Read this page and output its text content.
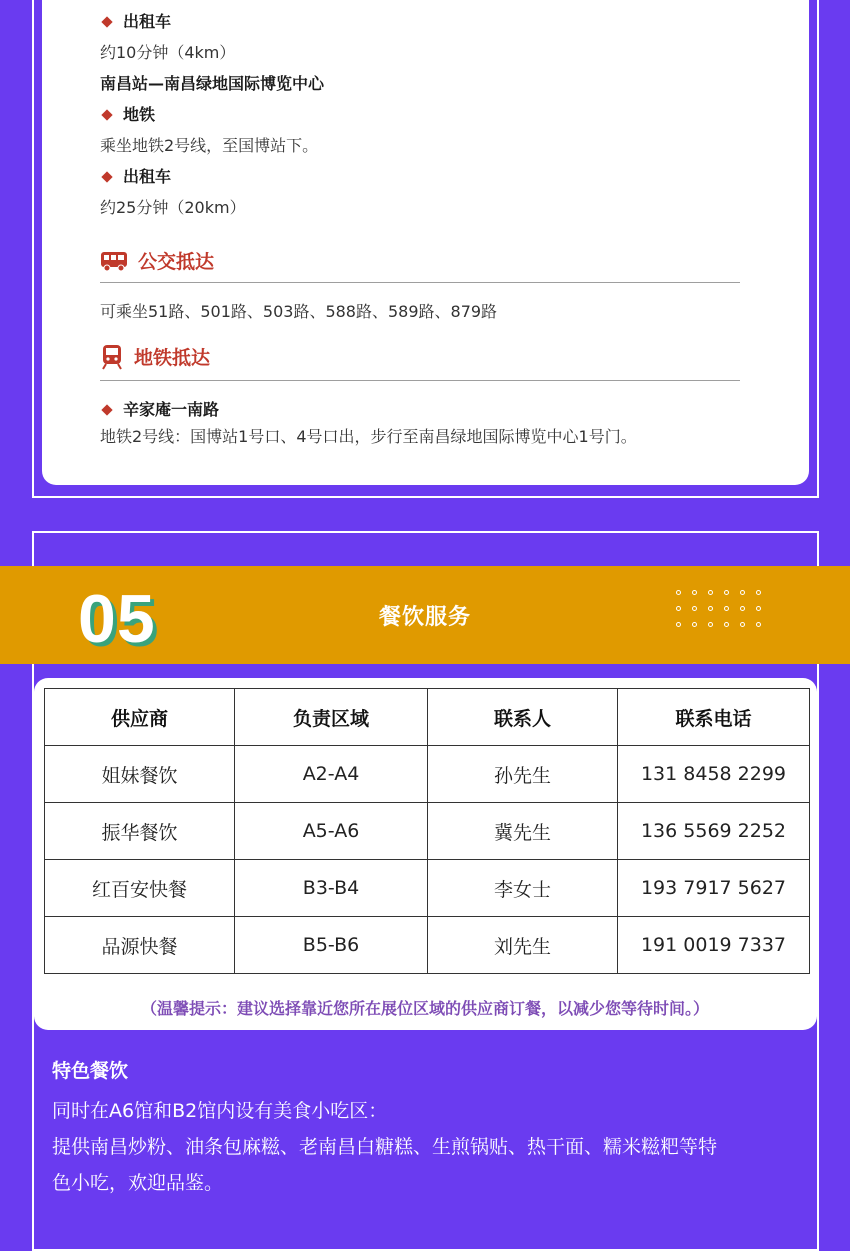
出租车
约10分钟（4km）
南昌站—南昌绿地国际博览中心
地铁
乘坐地铁2号线，至国博站下。
出租车
约25分钟（20km）
公交抵达
可乘坐51路、501路、503路、588路、589路、879路
地铁抵达
辛家庵一南路
地铁2号线：国博站1号口、4号口出，步行至南昌绿地国际博览中心1号门。
05	餐饮服务
供应商	负责区域	联系人	联系电话
姐妹餐饮	A2-A4	孙先生	131 8458 2299
振华餐饮	A5-A6	冀先生	136 5569 2252
红百安快餐	B3-B4	李女士	193 7917 5627
品源快餐	B5-B6	刘先生	191 0019 7337
（温馨提示：建议选择靠近您所在展位区域的供应商订餐，以减少您等待时间。）
特色餐饮
同时在A6馆和B2馆内设有美食小吃区：
提供南昌炒粉、油条包麻糍、老南昌白糖糕、生煎锅贴、热干面、糯米糍粑等特
色小吃，欢迎品鉴。
